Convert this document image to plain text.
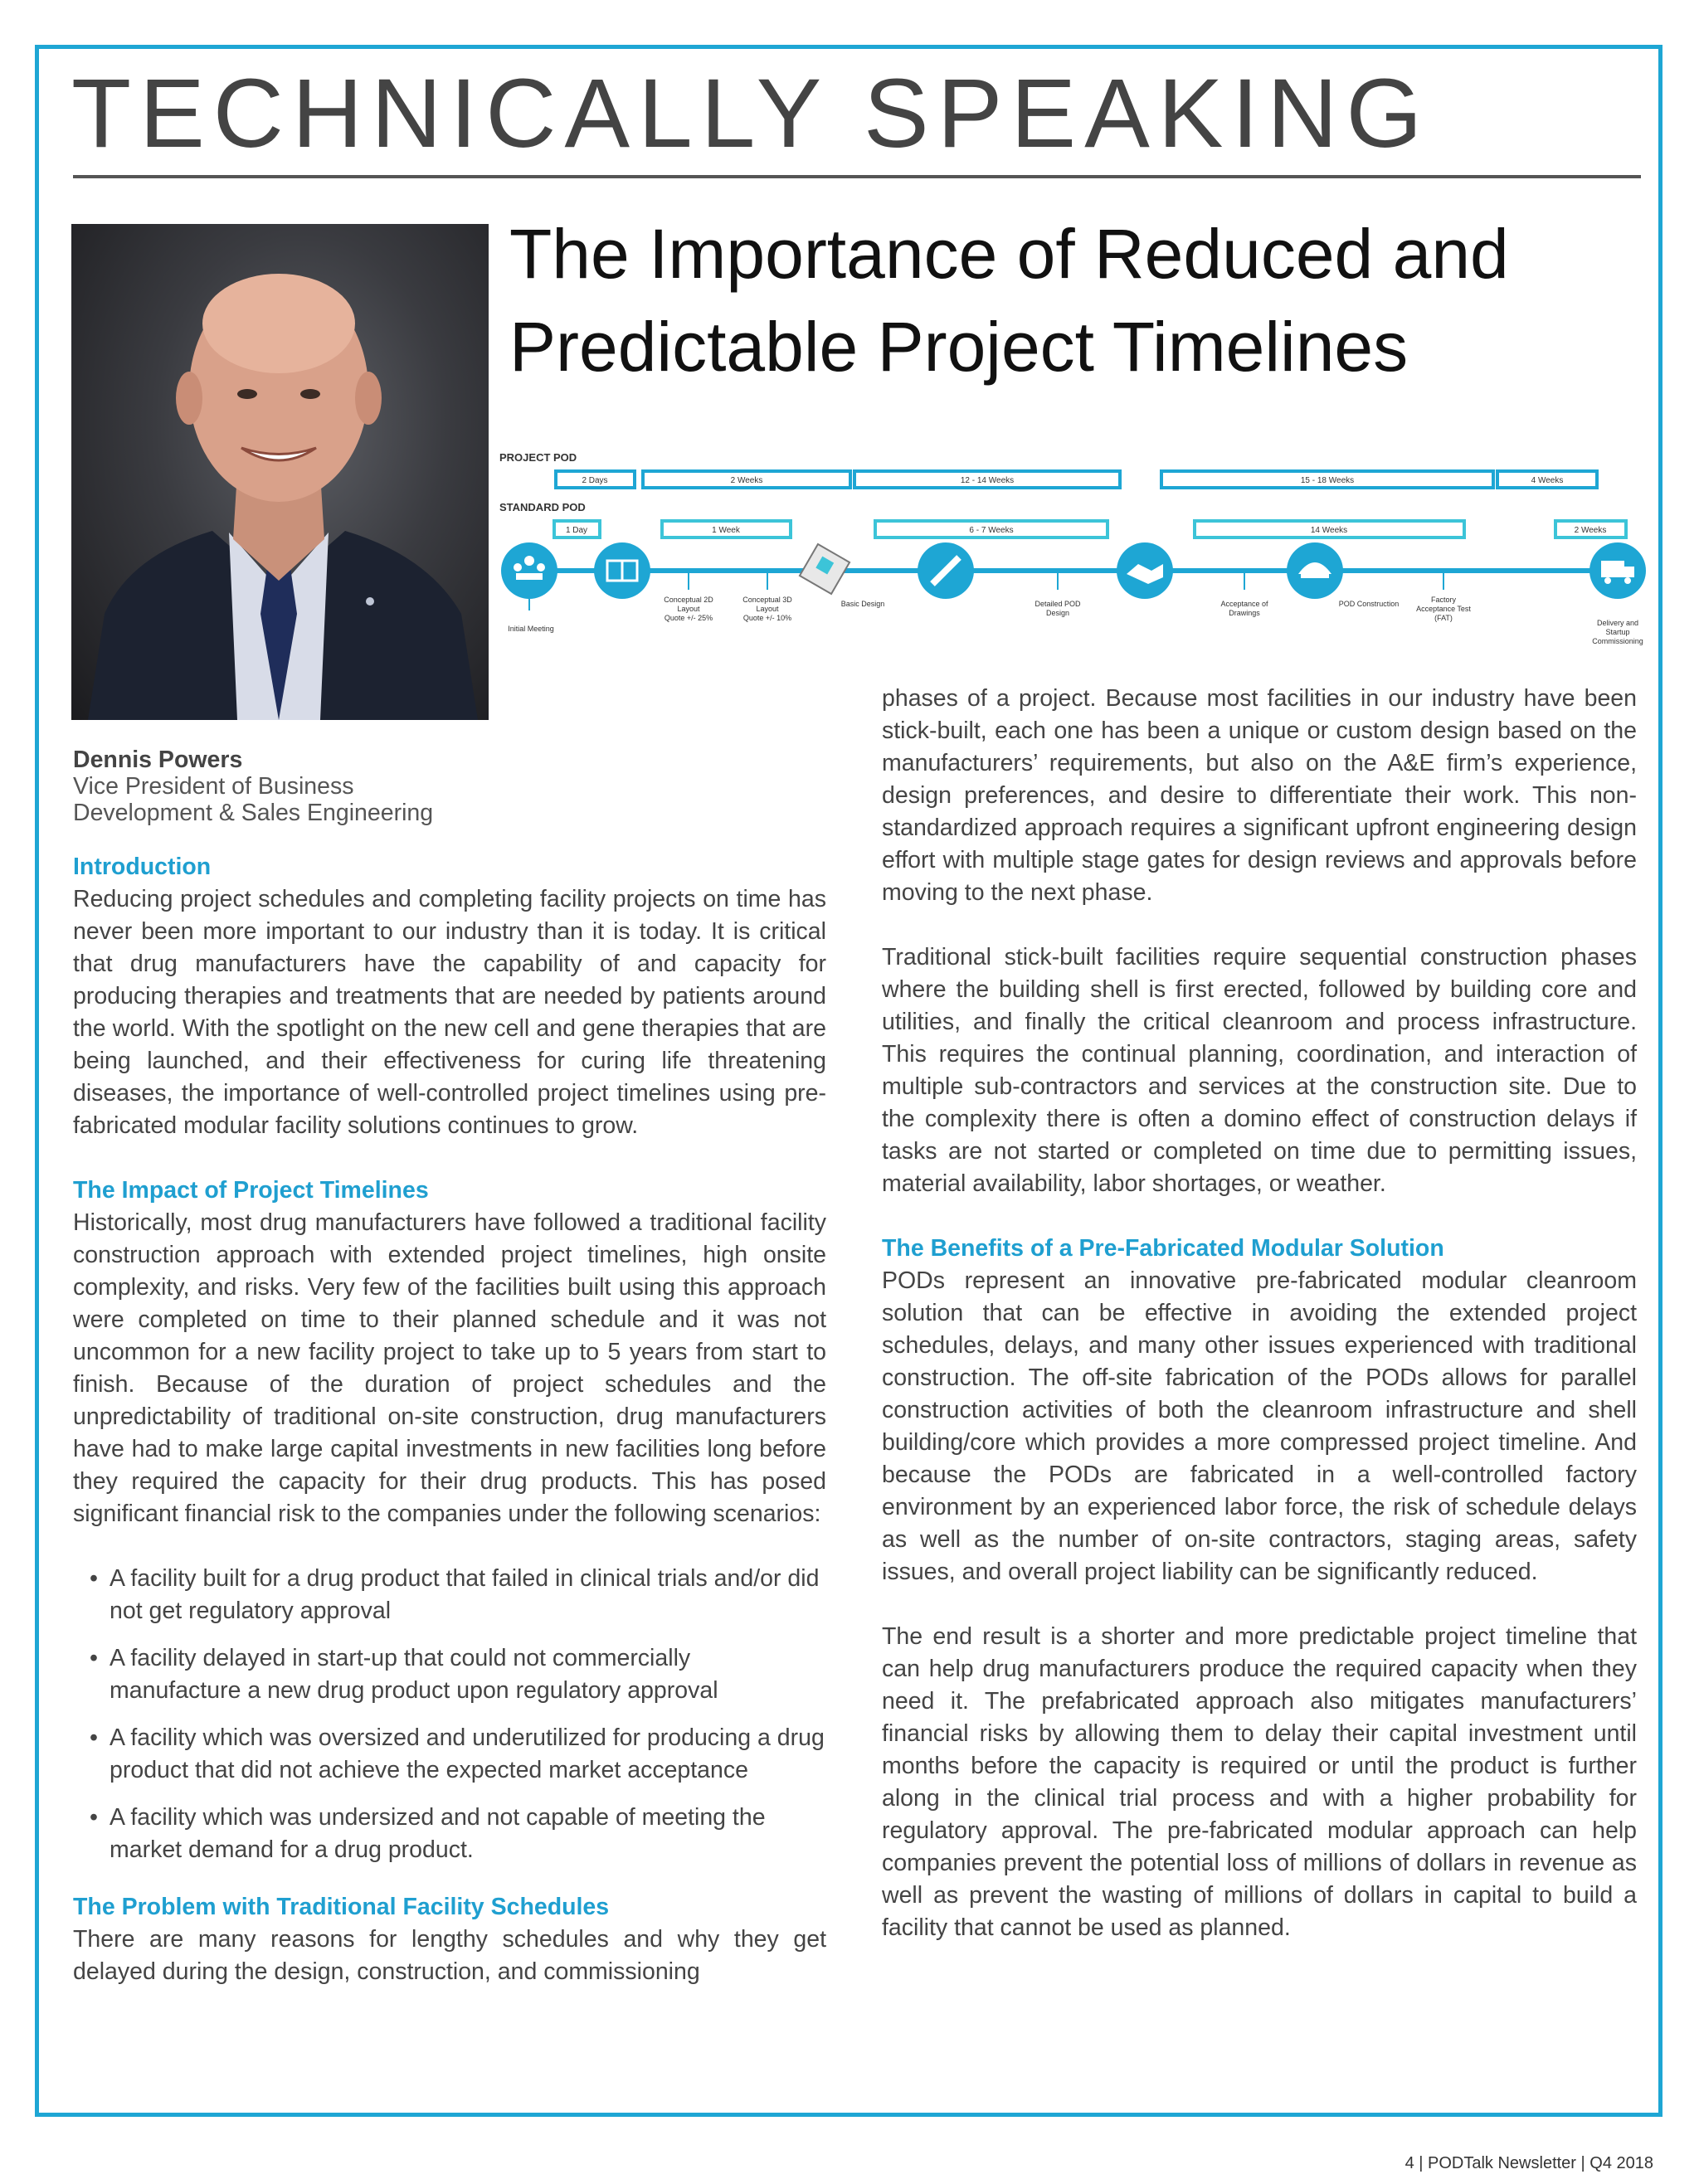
TECHNICALLY SPEAKING
The Importance of Reduced and
Predictable Project Timelines
PROJECT POD
STANDARD POD
2 Days	2 Weeks	12 - 14 Weeks	15 - 18 Weeks	4 Weeks
1 Day	1 Week	6 - 7 Weeks	14 Weeks	2 Weeks
Initial Meeting
Conceptual 2D Layout Quote +/- 25%
Conceptual 3D Layout Quote +/- 10%
Basic Design	Detailed POD Design
Acceptance of Drawings
POD Construction	Factory Acceptance Test (FAT)
Delivery and Startup Commissioning
Dennis Powers
Vice President of Business
Development & Sales Engineering
Introduction

Reducing project schedules and completing facility projects on time has never been more important to our industry than it is today. It is critical that drug manufacturers have the capability of and capacity for producing therapies and treatments that are needed by patients around the world. With the spotlight on the new cell and gene therapies that are being launched, and their effectiveness for curing life threatening diseases, the importance of well-controlled project timelines using pre-fabricated modular facility solutions continues to grow.

The Impact of Project Timelines

Historically, most drug manufacturers have followed a traditional facility construction approach with extended project timelines, high onsite complexity, and risks. Very few of the facilities built using this approach were completed on time to their planned schedule and it was not uncommon for a new facility project to take up to 5 years from start to finish. Because of the duration of project schedules and the unpredictability of traditional on-site construction, drug manufacturers have had to make large capital investments in new facilities long before they required the capacity for their drug products. This has posed significant financial risk to the companies under the following scenarios:

• A facility built for a drug product that failed in clinical trials and/or did not get regulatory approval
• A facility delayed in start-up that could not commercially manufacture a new drug product upon regulatory approval
• A facility which was oversized and underutilized for producing a drug product that did not achieve the expected market acceptance
• A facility which was undersized and not capable of meeting the market demand for a drug product.
The Problem with Traditional Facility Schedules

There are many reasons for lengthy schedules and why they get delayed during the design, construction, and commissioning

phases of a project. Because most facilities in our industry have been stick-built, each one has been a unique or custom design based on the manufacturers’ requirements, but also on the A&E firm’s experience, design preferences, and desire to differentiate their work. This non-standardized approach requires a significant upfront engineering design effort with multiple stage gates for design reviews and approvals before moving to the next phase.

Traditional stick-built facilities require sequential construction phases where the building shell is first erected, followed by building core and utilities, and finally the critical cleanroom and process infrastructure. This requires the continual planning, coordination, and interaction of multiple sub-contractors and services at the construction site. Due to the complexity there is often a domino effect of construction delays if tasks are not started or completed on time due to permitting issues, material availability, labor shortages, or weather.

The Benefits of a Pre-Fabricated Modular Solution

PODs represent an innovative pre-fabricated modular cleanroom solution that can be effective in avoiding the extended project schedules, delays, and many other issues experienced with traditional construction. The off-site fabrication of the PODs allows for parallel construction activities of both the cleanroom infrastructure and shell building/core which provides a more compressed project timeline. And because the PODs are fabricated in a well-controlled factory environment by an experienced labor force, the risk of schedule delays as well as the number of on-site contractors, staging areas, safety issues, and overall project liability can be significantly reduced.

The end result is a shorter and more predictable project timeline that can help drug manufacturers produce the required capacity when they need it. The prefabricated approach also mitigates manufacturers’ financial risks by allowing them to delay their capital investment until months before the capacity is required or until the product is further along in the clinical trial process and with a higher probability for regulatory approval. The pre-fabricated modular approach can help companies prevent the potential loss of millions of dollars in revenue as well as prevent the wasting of millions of dollars in capital to build a facility that cannot be used as planned.

4 | PODTalk Newsletter | Q4 2018
